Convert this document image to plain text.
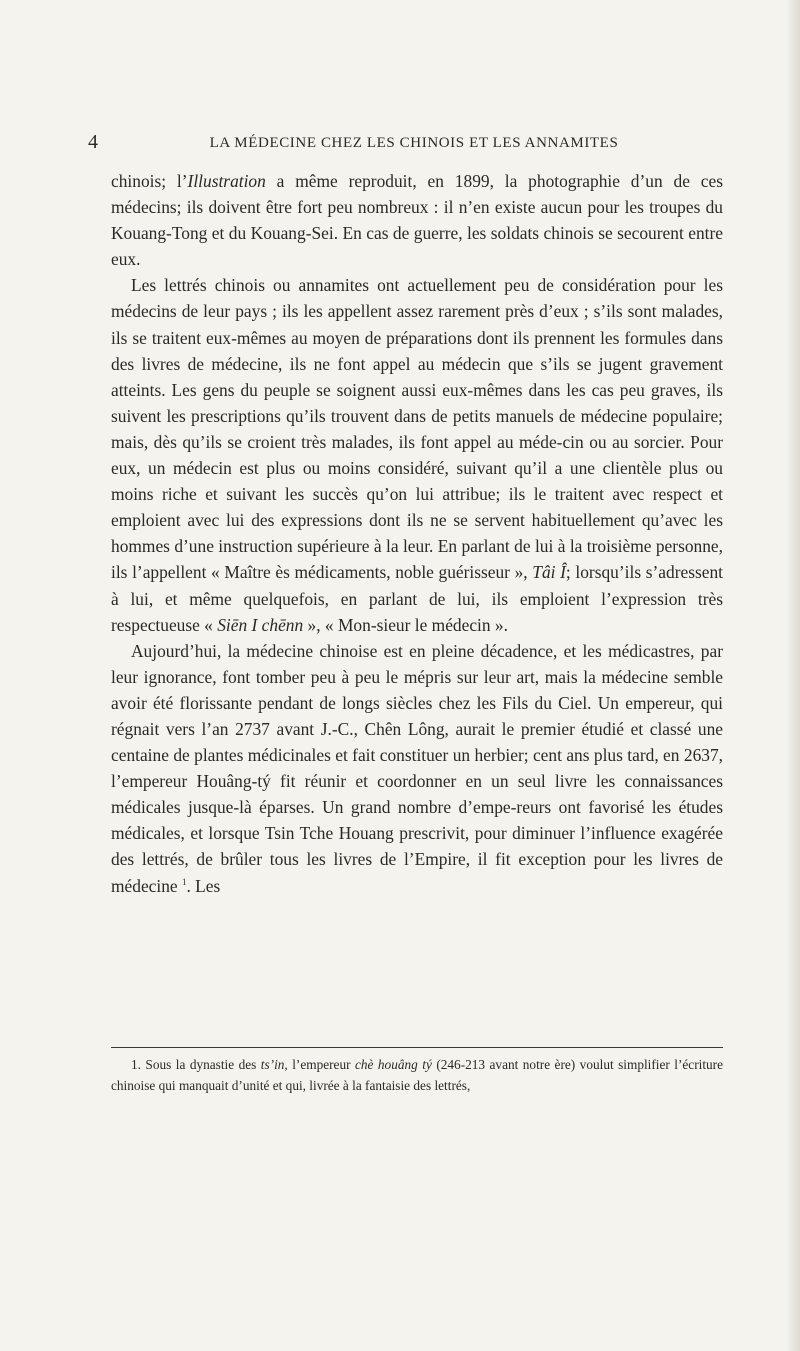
4	LA MÉDECINE CHEZ LES CHINOIS ET LES ANNAMITES

chinois; l’Illustration a même reproduit, en 1899, la photographie d’un de ces médecins; ils doivent être fort peu nombreux : il n’en existe aucun pour les troupes du Kouang-Tong et du Kouang-Sei. En cas de guerre, les soldats chinois se secourent entre eux.

Les lettrés chinois ou annamites ont actuellement peu de considération pour les médecins de leur pays ; ils les appellent assez rarement près d’eux ; s’ils sont malades, ils se traitent eux-mêmes au moyen de préparations dont ils prennent les formules dans des livres de médecine, ils ne font appel au médecin que s’ils se jugent gravement atteints. Les gens du peuple se soignent aussi eux-mêmes dans les cas peu graves, ils suivent les prescriptions qu’ils trouvent dans de petits manuels de médecine populaire; mais, dès qu’ils se croient très malades, ils font appel au méde-cin ou au sorcier. Pour eux, un médecin est plus ou moins considéré, suivant qu’il a une clientèle plus ou moins riche et suivant les succès qu’on lui attribue; ils le traitent avec respect et emploient avec lui des expressions dont ils ne se servent habituellement qu’avec les hommes d’une instruction supérieure à la leur. En parlant de lui à la troisième personne, ils l’appellent « Maître ès médicaments, noble guérisseur », Tâi Î; lorsqu’ils s’adressent à lui, et même quelquefois, en parlant de lui, ils emploient l’expression très respectueuse « Siēn I chēnn », « Mon-sieur le médecin ».

Aujourd’hui, la médecine chinoise est en pleine décadence, et les médicastres, par leur ignorance, font tomber peu à peu le mépris sur leur art, mais la médecine semble avoir été florissante pendant de longs siècles chez les Fils du Ciel. Un empereur, qui régnait vers l’an 2737 avant J.-C., Chên Lông, aurait le premier étudié et classé une centaine de plantes médicinales et fait constituer un herbier; cent ans plus tard, en 2637, l’empereur Houâng-tý fit réunir et coordonner en un seul livre les connaissances médicales jusque-là éparses. Un grand nombre d’empe-reurs ont favorisé les études médicales, et lorsque Tsin Tche Houang prescrivit, pour diminuer l’influence exagérée des lettrés, de brûler tous les livres de l’Empire, il fit exception pour les livres de médecine $^1$. Les

1. Sous la dynastie des ts’in, l’empereur chè houâng tý (246-213 avant notre ère) voulut simplifier l’écriture chinoise qui manquait d’unité et qui, livrée à la fantaisie des lettrés,
